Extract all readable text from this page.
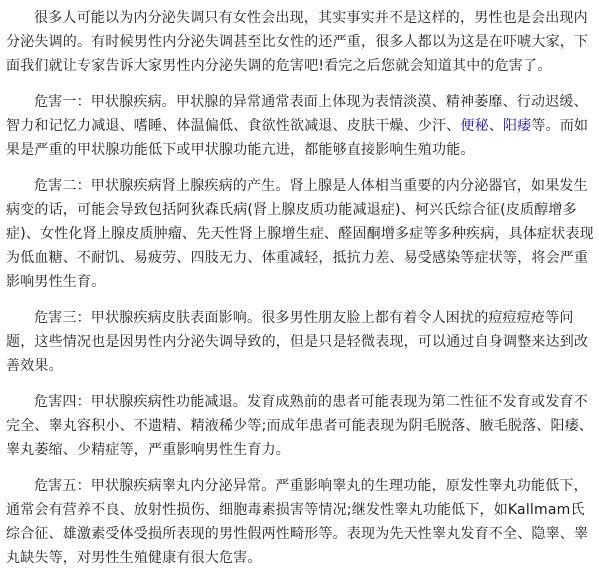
很多人可能以为内分泌失调只有女性会出现，其实事实并不是这样的，男性也是会出现内分泌失调的。有时候男性内分泌失调甚至比女性的还严重，很多人都以为这是在吓唬大家，下面我们就让专家告诉大家男性内分泌失调的危害吧!看完之后您就会知道其中的危害了。

危害一：甲状腺疾病。甲状腺的异常通常表面上体现为表情淡漠、精神萎靡、行动迟缓、智力和记忆力减退、嗜睡、体温偏低、食欲性欲减退、皮肤干燥、少汗、便秘、阳痿等。而如果是严重的甲状腺功能低下或甲状腺功能亢进，都能够直接影响生殖功能。

危害二：甲状腺疾病肾上腺疾病的产生。肾上腺是人体相当重要的内分泌器官，如果发生病变的话，可能会导致包括阿狄森氏病(肾上腺皮质功能减退症)、柯兴氏综合征(皮质醇增多症)、女性化肾上腺皮质肿瘤、先天性肾上腺增生症、醛固酮增多症等多种疾病，具体症状表现为低血糖、不耐饥、易疲劳、四肢无力、体重减轻，抵抗力差、易受感染等症状等，将会严重影响男性生育。

危害三：甲状腺疾病皮肤表面影响。很多男性朋友脸上都有着令人困扰的痘痘痘疮等问题，这些情况也是因男性内分泌失调导致的，但是只是轻微表现，可以通过自身调整来达到改善效果。

危害四：甲状腺疾病性功能减退。发育成熟前的患者可能表现为第二性征不发育或发育不完全、睾丸容积小、不遗精、精液稀少等;而成年患者可能表现为阴毛脱落、腋毛脱落、阳痿、睾丸萎缩、少精症等，严重影响男性生育力。

危害五：甲状腺疾病睾丸内分泌异常。严重影响睾丸的生理功能，原发性睾丸功能低下，通常会有营养不良、放射性损伤、细胞毒素损害等情况;继发性睾丸功能低下，如Kallmam氏综合征、雄激素受体受损所表现的男性假两性畸形等。表现为先天性睾丸发育不全、隐睾、睾丸缺失等，对男性生殖健康有很大危害。
